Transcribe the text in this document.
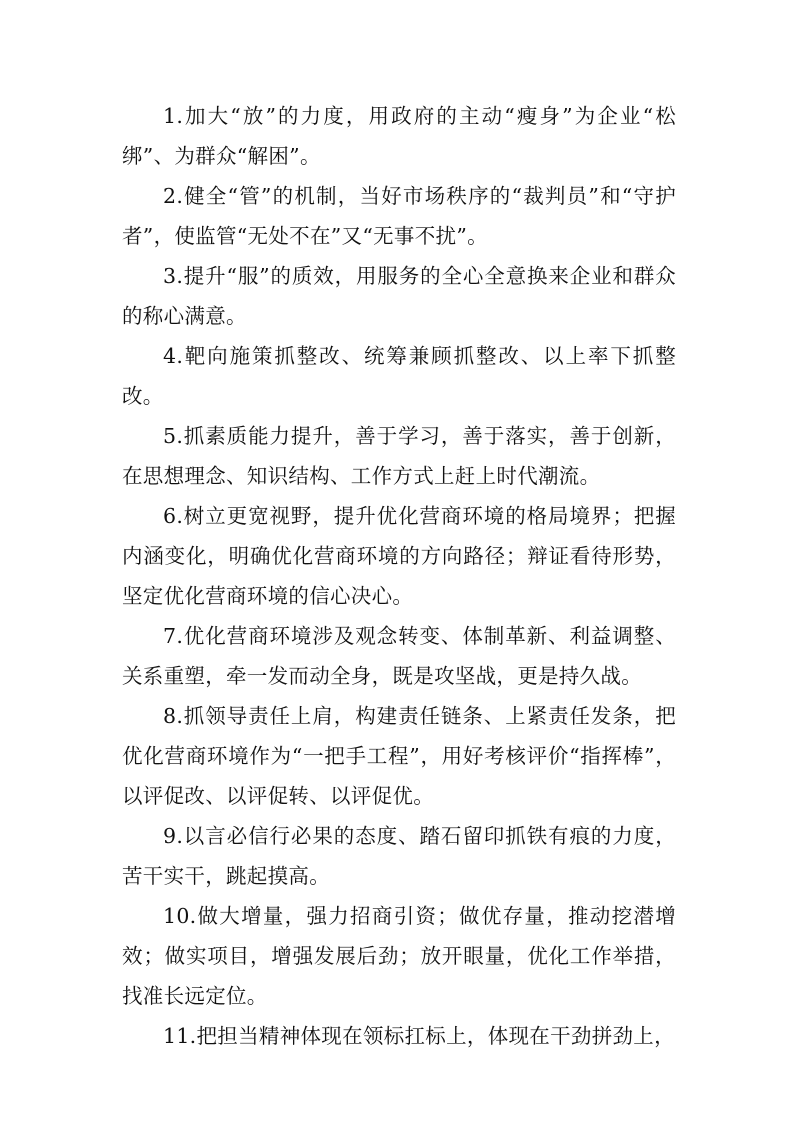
1.加大“放”的力度，用政府的主动“瘦身”为企业“松绑”、为群众“解困”。

2.健全“管”的机制，当好市场秩序的“裁判员”和“守护者”，使监管“无处不在”又“无事不扰”。

3.提升“服”的质效，用服务的全心全意换来企业和群众的称心满意。

4.靶向施策抓整改、统筹兼顾抓整改、以上率下抓整改。

5.抓素质能力提升，善于学习，善于落实，善于创新，在思想理念、知识结构、工作方式上赶上时代潮流。

6.树立更宽视野，提升优化营商环境的格局境界；把握内涵变化，明确优化营商环境的方向路径；辩证看待形势，坚定优化营商环境的信心决心。

7.优化营商环境涉及观念转变、体制革新、利益调整、关系重塑，牵一发而动全身，既是攻坚战，更是持久战。

8.抓领导责任上肩，构建责任链条、上紧责任发条，把优化营商环境作为“一把手工程”，用好考核评价“指挥棒”，以评促改、以评促转、以评促优。

9.以言必信行必果的态度、踏石留印抓铁有痕的力度，苦干实干，跳起摸高。

10.做大增量，强力招商引资；做优存量，推动挖潜增效；做实项目，增强发展后劲；放开眼量，优化工作举措，找准长远定位。

11.把担当精神体现在领标扛标上，体现在干劲拼劲上，
